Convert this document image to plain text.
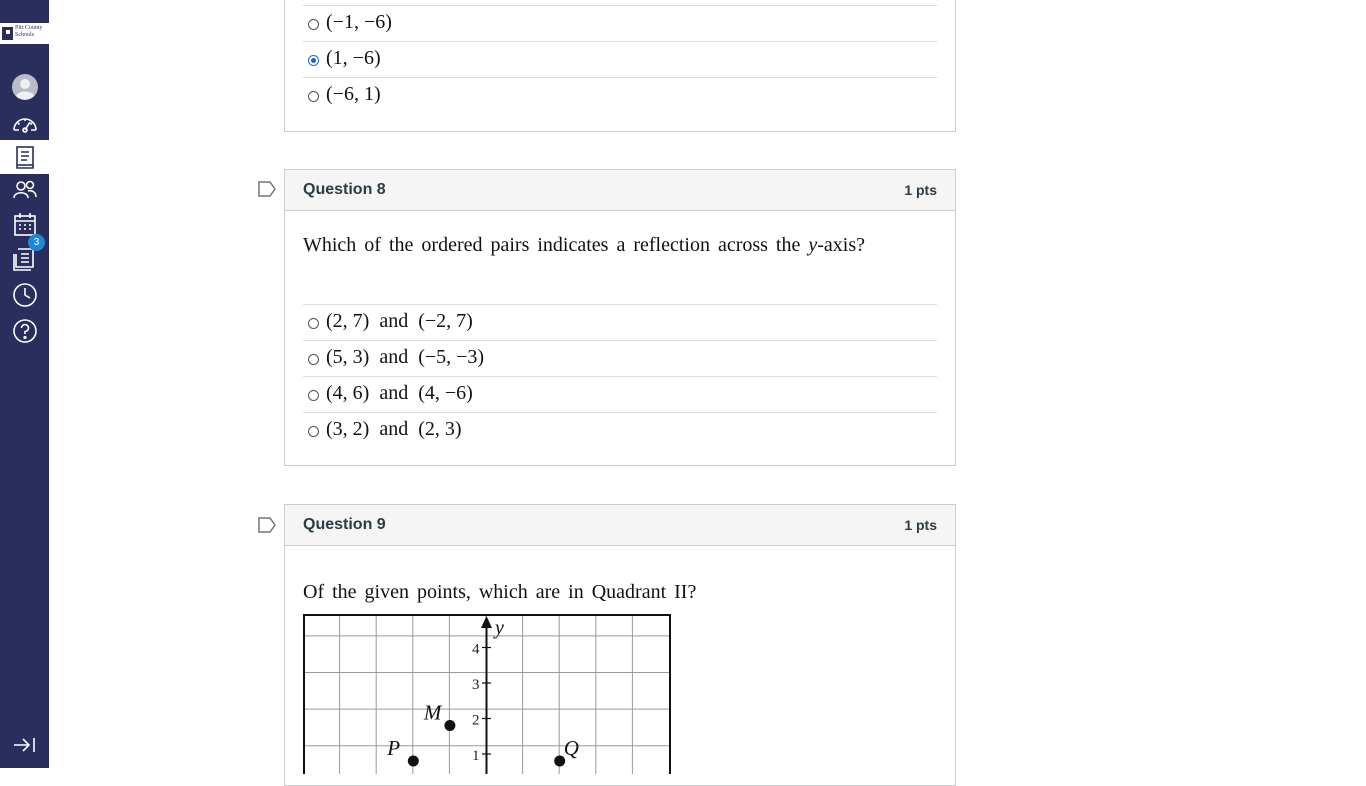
Pitt County Schools
3
(−1, −6)
(1, −6)
(−6, 1)
Question 8	1 pts
Which of the ordered pairs indicates a reflection across the y-axis?
(2, 7)  and  (−2, 7)
(5, 3)  and  (−5, −3)
(4, 6)  and  (4, −6)
(3, 2)  and  (2, 3)
Question 9	1 pts
Of the given points, which are in Quadrant II?
y
4
3
2
1
M
P	Q
